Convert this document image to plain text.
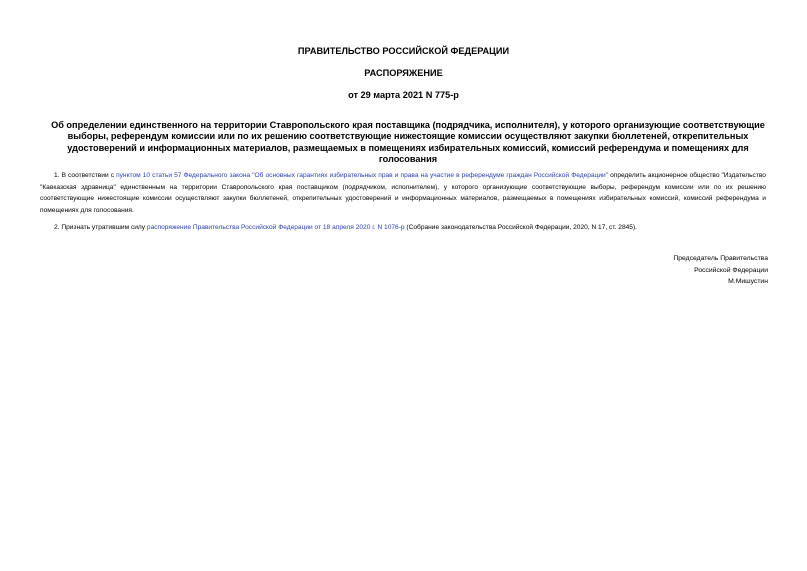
ПРАВИТЕЛЬСТВО РОССИЙСКОЙ ФЕДЕРАЦИИ
РАСПОРЯЖЕНИЕ
от 29 марта 2021 N 775-р
Об определении единственного на территории Ставропольского края поставщика (подрядчика, исполнителя), у которого организующие соответствующие выборы, референдум комиссии или по их решению соответствующие нижестоящие комиссии осуществляют закупки бюллетеней, открепительных удостоверений и информационных материалов, размещаемых в помещениях избирательных комиссий, комиссий референдума и помещениях для голосования
1. В соответствии с пунктом 10 статьи 57 Федерального закона "Об основных гарантиях избирательных прав и права на участие в референдуме граждан Российской Федерации" определить акционерное общество "Издательство "Кавказская здравница" единственным на территории Ставропольского края поставщиком (подрядчиком, исполнителем), у которого организующие соответствующие выборы, референдум комиссии или по их решению соответствующие нижестоящие комиссии осуществляют закупки бюллетеней, открепительных удостоверений и информационных материалов, размещаемых в помещениях избирательных комиссий, комиссий референдума и помещениях для голосования.
2. Признать утратившим силу распоряжение Правительства Российской Федерации от 18 апреля 2020 г. N 1076-р (Собрание законодательства Российской Федерации, 2020, N 17, ст. 2845).
Председатель Правительства
Российской Федерации
М.Мишустин
